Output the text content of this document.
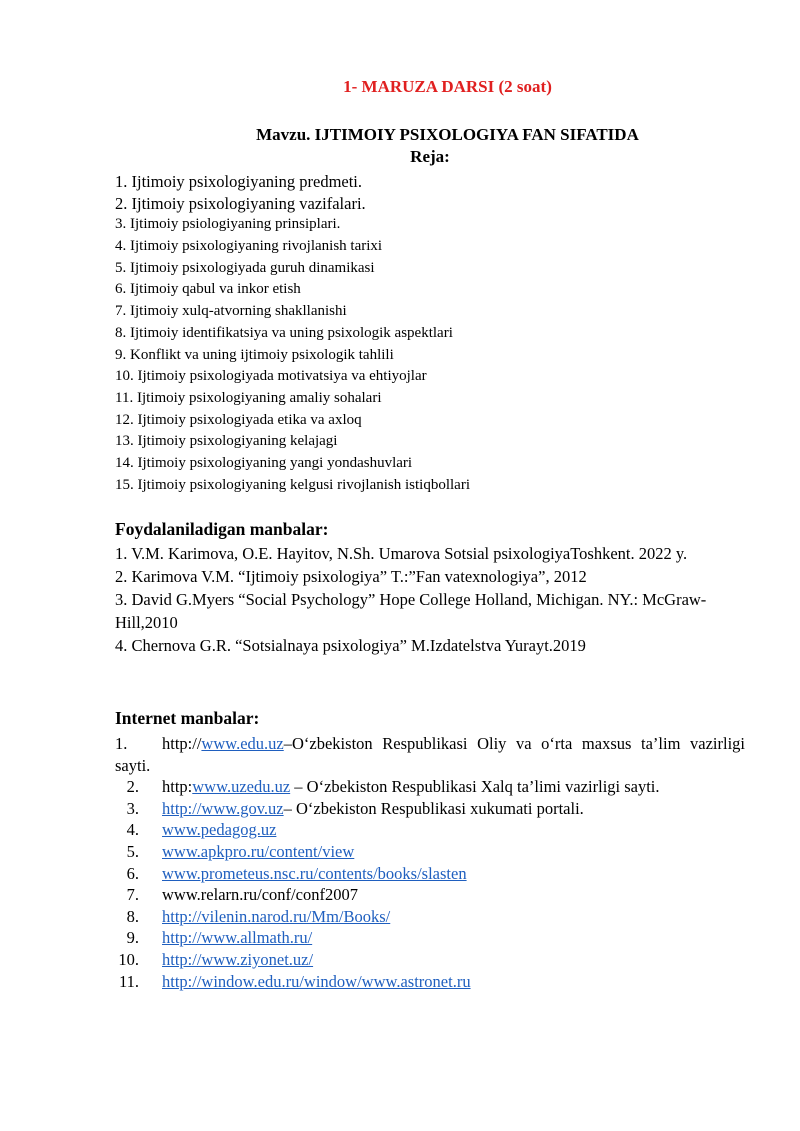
1- MARUZA DARSI (2 soat)
Mavzu. IJTIMOIY PSIXOLOGIYA FAN SIFATIDA
Reja:
1. Ijtimoiy psixologiyaning predmeti.
2. Ijtimoiy psixologiyaning vazifalari.
3. Ijtimoiy psiologiyaning prinsiplari.
4. Ijtimoiy psixologiyaning rivojlanish tarixi
5. Ijtimoiy psixologiyada guruh dinamikasi
6. Ijtimoiy qabul va inkor etish
7. Ijtimoiy xulq-atvorning shakllanishi
8. Ijtimoiy identifikatsiya va uning psixologik aspektlari
9. Konflikt va uning ijtimoiy psixologik tahlili
10. Ijtimoiy psixologiyada motivatsiya va ehtiyojlar
11. Ijtimoiy psixologiyaning amaliy sohalari
12. Ijtimoiy psixologiyada etika va axloq
13. Ijtimoiy psixologiyaning kelajagi
14. Ijtimoiy psixologiyaning yangi yondashuvlari
15. Ijtimoiy psixologiyaning kelgusi rivojlanish istiqbollari
Foydalaniladigan manbalar:

1. V.M. Karimova, O.E. Hayitov, N.Sh. Umarova Sotsial psixologiyaToshkent. 2022 y.

2. Karimova V.M. “Ijtimoiy psixologiya” T.:”Fan vatexnologiya”, 2012

3. David G.Myers “Social Psychology” Hope College Holland, Michigan. NY.: McGraw-Hill,2010

4. Chernova G.R. “Sotsialnaya psixologiya” M.Izdatelstva Yurayt.2019

Internet manbalar:
1. http://www.edu.uz–O‘zbekiston Respublikasi Oliy va o‘rta maxsus ta’lim vazirligi sayti.
2. http:www.uzedu.uz – O‘zbekiston Respublikasi Xalq ta’limi vazirligi sayti.
3. http://www.gov.uz– O‘zbekiston Respublikasi xukumati portali.
4. www.pedagog.uz
5. www.apkpro.ru/content/view
6. www.prometeus.nsc.ru/contents/books/slasten
7. www.relarn.ru/conf/conf2007
8. http://vilenin.narod.ru/Mm/Books/
9. http://www.allmath.ru/
10. http://www.ziyonet.uz/
11. http://window.edu.ru/window/www.astronet.ru
